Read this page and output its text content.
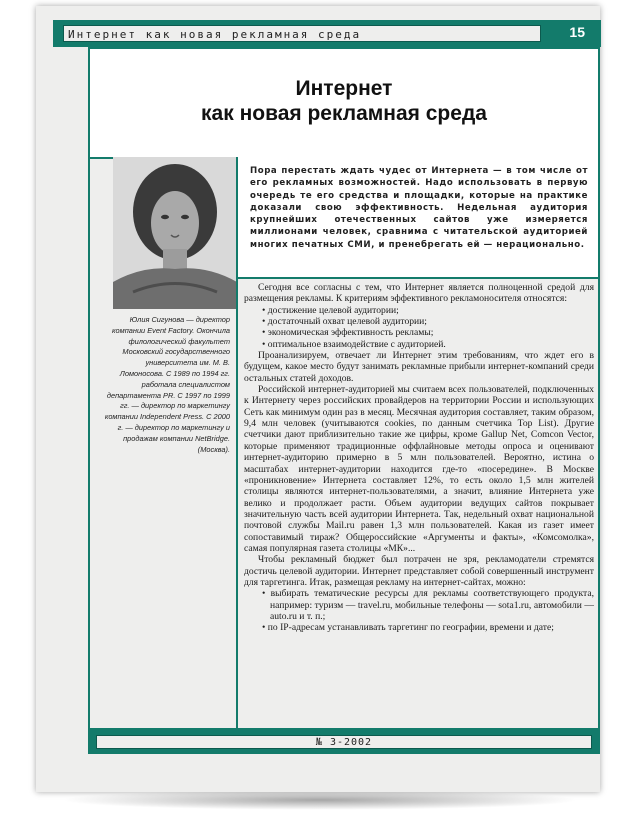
Интернет как новая рекламная среда	15
Интернет
как новая рекламная среда
Пора перестать ждать чудес от Интернета — в том числе от его рекламных возможностей. Надо использовать в первую очередь те его средства и площадки, которые на практике доказали свою эффективность. Недельная аудитория крупнейших отечественных сайтов уже измеряется миллионами человек, сравнима с читательской аудиторией многих печатных СМИ, и пренебрегать ей — нерационально.
Юлия Сигунова — директор компании Event Factory. Окончила филологический факультет Московский государственного университета им. М. В. Ломоносова. С 1989 по 1994 гг. работала специалистом департамента PR. С 1997 по 1999 гг. — директор по маркетингу компании Independent Press. С 2000 г. — директор по маркетингу и продажам компании NetBridge. (Москва).

Сегодня все согласны с тем, что Интернет является полноценной средой для размещения рекламы. К критериям эффективного рекламоносителя относятся:

• достижение целевой аудитории;
• достаточный охват целевой аудитории;
• экономическая эффективность рекламы;
• оптимальное взаимодействие с аудиторией.

Проанализируем, отвечает ли Интернет этим требованиям, что ждет его в будущем, какое место будут занимать рекламные прибыли интернет-компаний среди остальных статей доходов.

Российской интернет-аудиторией мы считаем всех пользователей, подключенных к Интернету через российских провайдеров на территории России и использующих Сеть как минимум один раз в месяц. Месячная аудитория составляет, таким образом, 9,4 млн человек (учитываются cookies, по данным счетчика Top List). Другие счетчики дают приблизительно такие же цифры, кроме Gallup Net, Comcon Vector, которые применяют традиционные оффлайновые методы опроса и оценивают интернет-аудиторию примерно в 5 млн пользователей. Вероятно, истина о масштабах интернет-аудитории находится где-то «посередине». В Москве «проникновение» Интернета составляет 12%, то есть около 1,5 млн жителей столицы являются интернет-пользователями, а значит, влияние Интернета уже велико и продолжает расти. Объем аудитории ведущих сайтов покрывает значительную часть всей аудитории Интернета. Так, недельный охват национальной почтовой службы Mail.ru равен 1,3 млн пользователей. Какая из газет имеет сопоставимый тираж? Общероссийские «Аргументы и факты», «Комсомолка», самая популярная газета столицы «МК»...

Чтобы рекламный бюджет был потрачен не зря, рекламодатели стремятся достичь целевой аудитории. Интернет представляет собой совершенный инструмент для таргетинга. Итак, размещая рекламу на интернет-сайтах, можно:

• выбирать тематические ресурсы для рекламы соответствующего продукта, например: туризм — travel.ru, мобильные телефоны — sota1.ru, автомобили — auto.ru и т. п.;
• по IP-адресам устанавливать таргетинг по географии, времени и дате;
№ 3-2002
